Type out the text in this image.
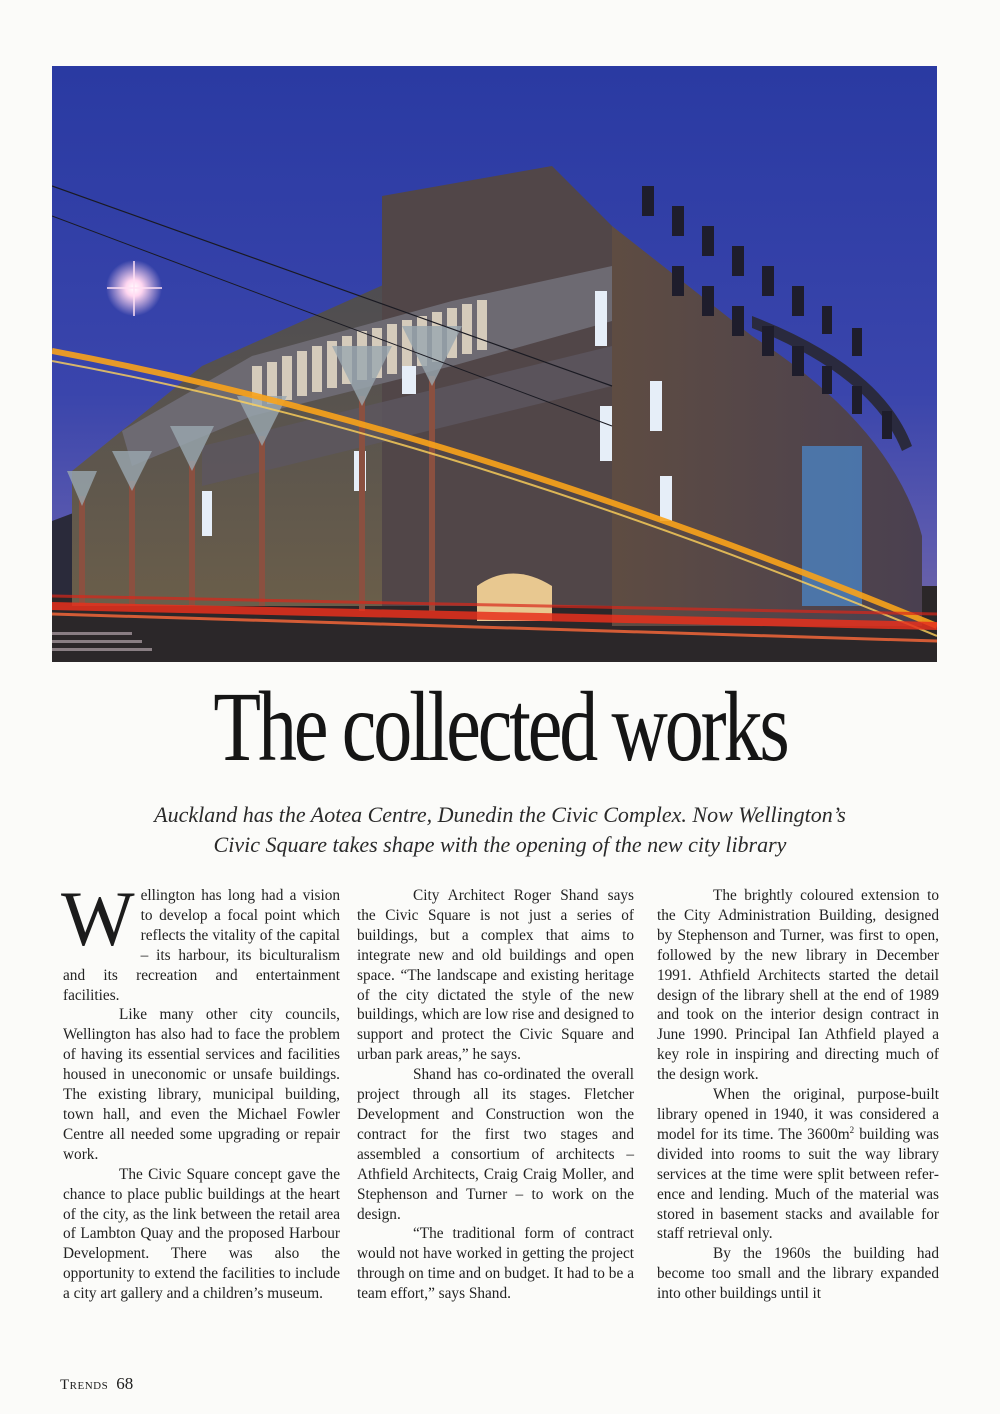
The collected works
Auckland has the Aotea Centre, Dunedin the Civic Complex. Now Wellington’s
Civic Square takes shape with the opening of the new city library

Wellington has long had a vision to develop a focal point which reflects the vitality of the capital – its harbour, its biculturalism and its recreation and entertainment facilities.

Like many other city councils, Wellington has also had to face the problem of having its essential services and facilities housed in uneconomic or unsafe buildings. The existing library, municipal building, town hall, and even the Michael Fowler Centre all needed some upgrading or repair work.

The Civic Square concept gave the chance to place public buildings at the heart of the city, as the link between the retail area of Lambton Quay and the proposed Harbour Development. There was also the opportunity to extend the facilities to include a city art gallery and a children’s museum.

City Architect Roger Shand says the Civic Square is not just a series of buildings, but a complex that aims to integrate new and old buildings and open space. “The landscape and existing heritage of the city dictated the style of the new buildings, which are low rise and designed to support and protect the Civic Square and urban park areas,” he says.

Shand has co-ordinated the overall project through all its stages. Fletcher Development and Construction won the contract for the first two stages and assembled a consortium of architects – Athfield Architects, Craig Craig Moller, and Stephenson and Turner – to work on the design.

“The traditional form of contract would not have worked in getting the project through on time and on budget. It had to be a team effort,” says Shand.

The brightly coloured extension to the City Administration Building, designed by Stephenson and Turner, was first to open, followed by the new library in December 1991. Athfield Architects started the detail design of the library shell at the end of 1989 and took on the interior design contract in June 1990. Principal Ian Athfield played a key role in inspiring and directing much of the design work.

When the original, purpose-built library opened in 1940, it was considered a model for its time. The $3600m^2$ building was divided into rooms to suit the way library services at the time were split between reference and lending. Much of the material was stored in basement stacks and available for staff retrieval only.

By the 1960s the building had become too small and the library expanded into other buildings until it

Trends 68
